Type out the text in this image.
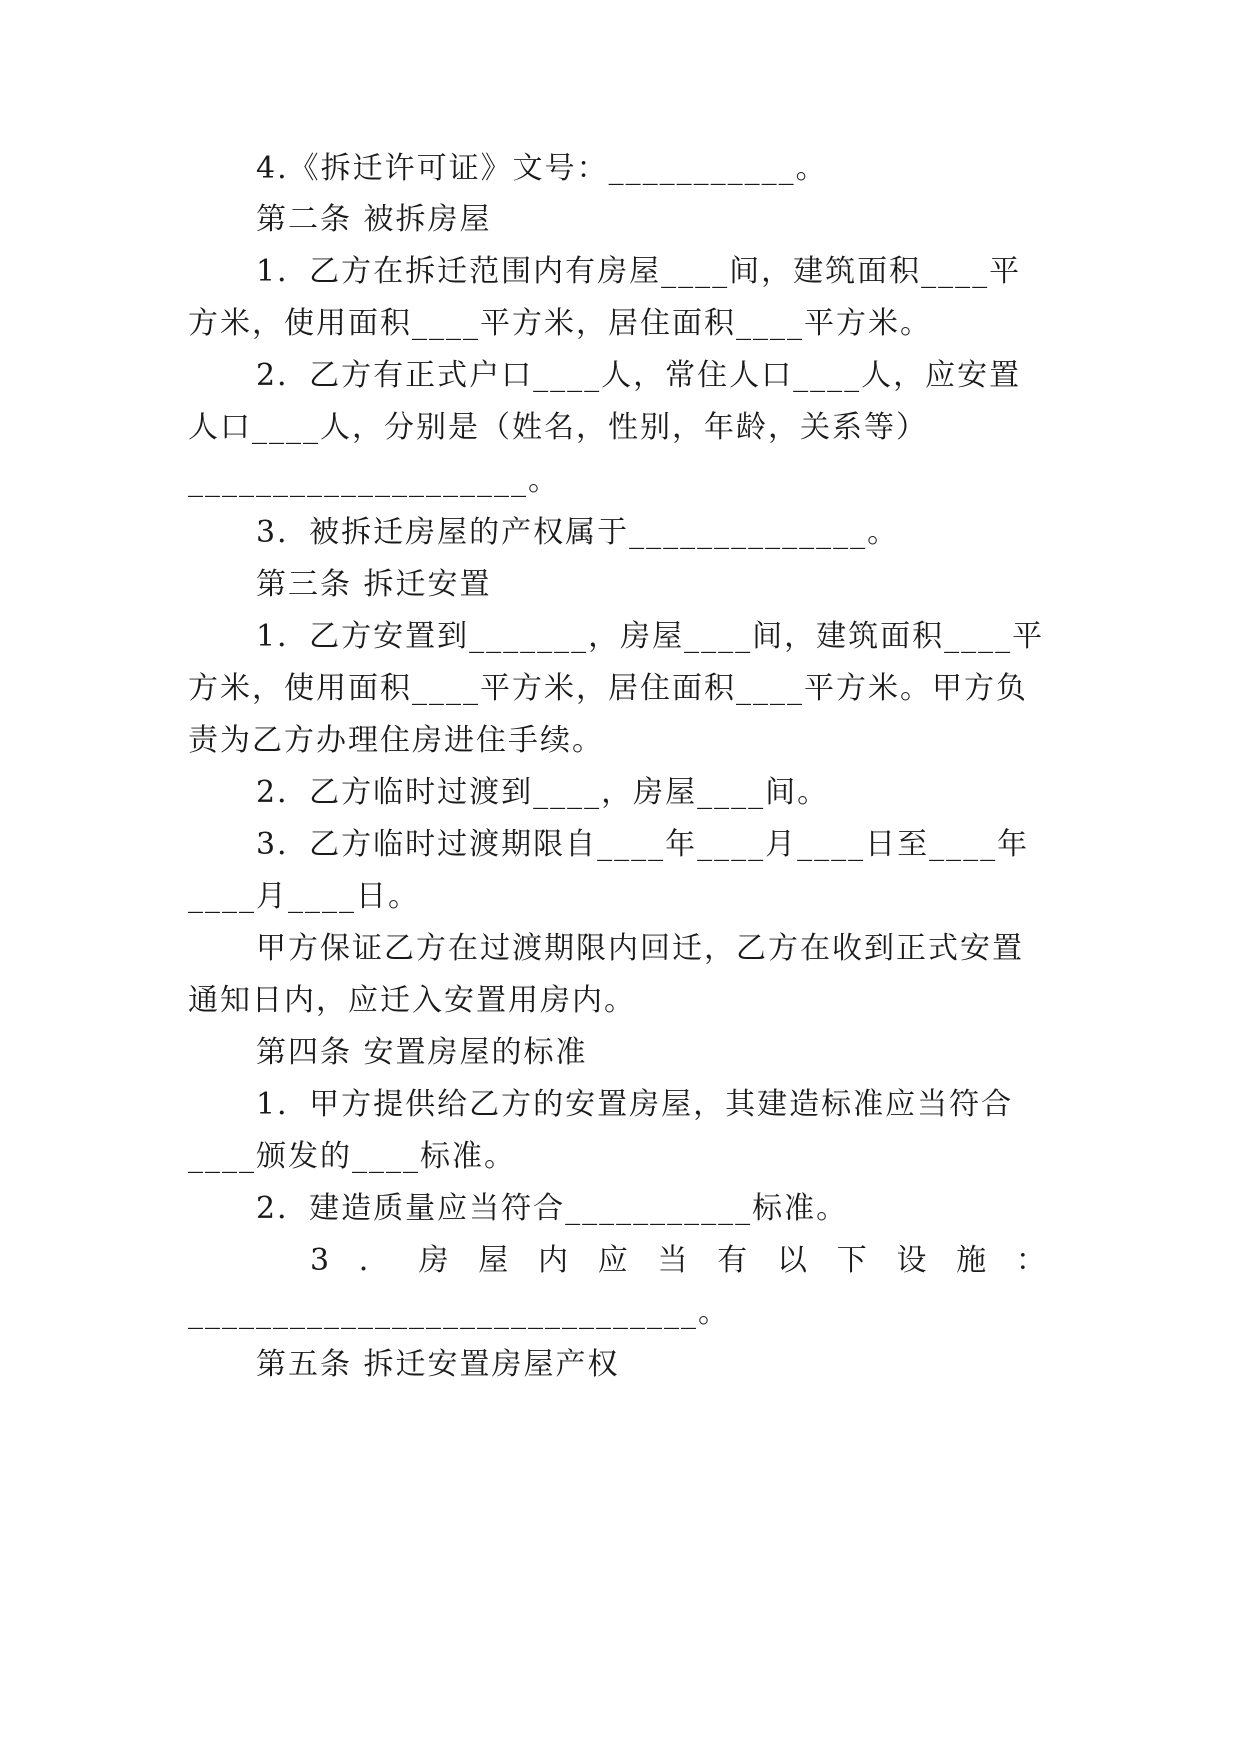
4.《拆迁许可证》文号：___________。
第二条 被拆房屋
1．乙方在拆迁范围内有房屋____间，建筑面积____平
方米，使用面积____平方米，居住面积____平方米。
2．乙方有正式户口____人，常住人口____人，应安置
人口____人，分别是（姓名，性别，年龄，关系等）
____________________。
3．被拆迁房屋的产权属于______________。
第三条 拆迁安置
1．乙方安置到_______，房屋____间，建筑面积____平
方米，使用面积____平方米，居住面积____平方米。甲方负
责为乙方办理住房进住手续。
2．乙方临时过渡到____，房屋____间。
3．乙方临时过渡期限自____年____月____日至____年
____月____日。
甲方保证乙方在过渡期限内回迁，乙方在收到正式安置
通知日内，应迁入安置用房内。
第四条 安置房屋的标准
1．甲方提供给乙方的安置房屋，其建造标准应当符合
____颁发的____标准。
2．建造质量应当符合___________标准。
3 ． 房 屋 内 应 当 有 以 下 设 施 ：
______________________________。
第五条 拆迁安置房屋产权
